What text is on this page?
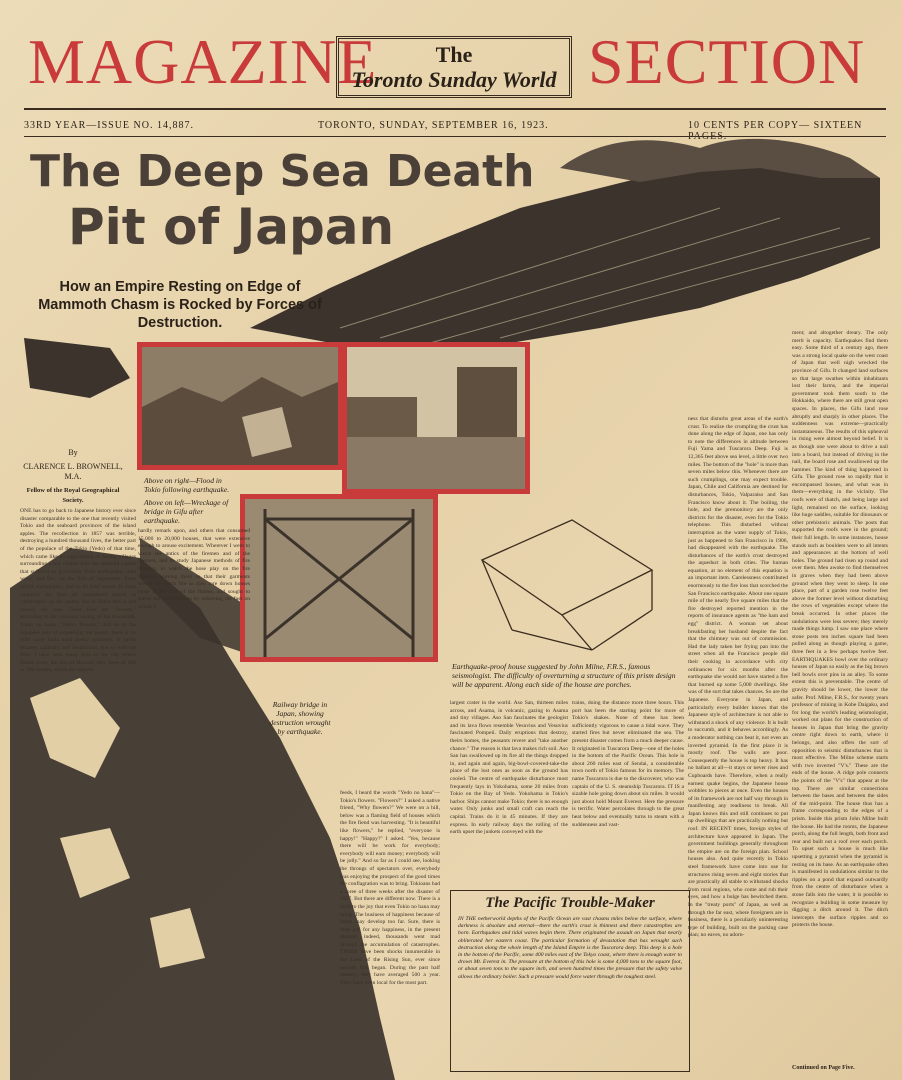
MAGAZINE	The
Toronto Sunday World SECTION
33RD YEAR—ISSUE NO. 14,887.	TORONTO, SUNDAY, SEPTEMBER 16, 1923.	10 CENTS PER COPY— SIXTEEN
The Deep Sea Death
Pit of Japan
How an Empire Resting on Edge of Mammoth Chasm is Rocked by Forces of Destruction.
By
CLARENCE L. BROWNELL, M.A.
Fellow of the Royal Geographical Society.
Above on right—Flood in Tokio following earthquake.
Above on left—Wreckage of bridge in Gifu after earthquake.
Earthquake-proof house suggested by John Milne, F.R.S., famous seismologist. The difficulty of overturning a structure of this prism design will be apparent. Along each side of the house are porches.
Railway bridge in Japan, showing destruction wrought by earthquake.
ONE has to go back to Japanese history ever since disaster comparable to the one that recently visited Tokio and the seaboard provinces of the island apples. The recollection in 1857 was terrible, destroying a hundred thousand lives, the better part of the populace of the Tokio (Yedo) of that time, which came like an aggravation of falling villages surrounding a few centres than the splendid capital that suffered so grievously from earthquake, tidal wave, and fire, on the first of September. Even before earthquakes, and so do tidal waves. In most countries the fires are considered almost as catastrophic as the quake, but in Tokio this is not usually the case. There fires are "flowers," according to the common saying of the townsfolk. Tokio no hana, "Yedo's flowers," and so in the Japanese way of expressing the poetic, there is no tidal wave lacks such poetic synonym. It spells disaster, calamity, and destruction. Not so with the fires. I have seen many fires in the city where Tenshi lives, the Son of Heaven; they were of 100 or 500 houses, which the natives
hardly remark upon, and others that consumed 15,000 to 20,000 houses, that were extensive enough to arouse excitement. Wherever I went to watch the antics of the firemen and of the firemen, and to study Japanese methods of fire fighting, to watch the hose play on the fire fighters, soaking them so that their garments would not catch fire as they tore down houses close in the line of the flames, and sought to starve the conflagration by removing the fuel on which it
feeds, I heard the words "Yedo no hana"—Tokio's flowers. "Flowers?" I asked a native friend, "Why flowers?" We were on a hill, below was a flaming field of houses which the fire fiend was harvesting. "It is beautiful like flowers," he replied, "everyone is happy!" "Happy?" I asked. "Yes, because there will be work for everybody; everybody will earn money; everybody will be jolly." And so far as I could see, looking the throngs of spectators over, everybody was enjoying the prospect of the good times the conflagration was to bring. Tokioans had a spree of three weeks after the disaster of 1857. But there are different now. There is a limit to the joy that even Tokio no hana may bring. The business of happiness because of burns may develop too far. Sure, there is little joy, for any happiness, in the present disaster, indeed, thousands went mad through the accumulation of catastrophes. THERE have been shocks innumerable in the Land of the Rising Sun, ever since records first began. During the past half century, they have averaged 500 a year. They have been local for the most part.
largest crater in the world. Aso San, thirteen miles across, and Asama, in volcanic, gazing to Asama and tiny villages. Aso San fascinates the geologist and its lava flows resemble Vesuvius and Vesuvius fascinated Pompeii. Daily eruptions that destroy, theirs homes, the peasants revere and "take another chance." The reason is that lava makes rich soil. Aso San has swallowed up its fire all the things dropped in, and again and again, big-bowl-covered-take-the place of the lost ones as soon as the ground has cooled. The centre of earthquake disturbance most frequently lays in Yokohama, some 20 miles from Tokio on the Bay of Yedo. Yokohama is Tokio's harbor. Ships cannot make Tokio; there is no enough water. Only junks and small craft can reach the capital. Trains do it in 45 minutes. If they are express. In early railway days the rolling of the earth upset the junkets conveyed with the
trains, doing the distance more three hours. This port has been the starting point for more of Tokio's shakes. None of these has been sufficiently vigorous to cause a tidal wave. They started fires but never eliminated the sea. The present disaster comes from a much deeper cause. It originated in Tuscarora Deep—one of the holes in the bottom of the Pacific Ocean. This hole is about 260 miles east of Sendai, a considerable town north of Tokio famous for its memory. The name Tuscarora is due to the discoverer, who was captain of the U. S. steamship Tuscarora. IT IS a sizable hole going down about six miles. It would just about hold Mount Everest. Here the pressure is terrific. Water percolates through to the great heat below and eventually turns to steam with a suddenness and vast-
ness that disturbs great areas of the earth's crust. To realize the crumpling the crust has done along the edge of Japan, one has only to note the differences in altitude between Fuji Yama and Tuscarora Deep. Fuji is 12,365 feet above sea level, a little over two miles. The bottom of the "hole" is more than seven miles below this. Whenever there are such crumplings, one may expect trouble. Japan, Chile and California are destined for disturbances, Tokio, Valparaiso and San Francisco know about it. The boiling, the hole, and the premonitory are the only districts for the disaster, even for the Tokio telephone. This disturbed without interruption as the water supply of Tokio, just as happened to San Francisco in 1906, had disappeared with the earthquake. The disturbances of the earth's crust destroyed the aqueduct in both cities. The human equation, at no element of this equation is an important item. Carelessness contributed enormously to the fire loss that scorched the San Francisco earthquake. About one square mile of the nearly five square miles that the fire destroyed reported mention in the reports of insurance agents as "the ham and egg" district. A woman set about breakfasting her husband despite the fact that the chimney was out of commission. Had the lady taken her frying pan into the street when all the Francisco people did their cooking in accordance with city ordinances for six months after the earthquake she would not have started a fire that burned up some 5,000 dwellings. She was of the sort that takes chances. So are the Japanese. Everyone in Japan, and particularly every builder knows that the Japanese style of architecture is not able to withstand a shock of any violence. It is built to succumb, and it behaves accordingly. As a moderator nothing can beat it, not even an inverted pyramid. In the first place it is mostly roof. The walls are poor. Consequently the house is top heavy. It has no ballast at all—it stays or never rises and Cupboards have. Therefore, when a really earnest quake begins, the Japanese house wobbles to pieces at once. Even the houses of its framework are not half way through in manifesting any readiness to break. All Japan knows this and still continues to put up dwellings that are practically nothing but roof. IN RECENT times, foreign styles of architecture have appeared in Japan. The government buildings generally throughout the empire are on the foreign plan. School houses also. And quite recently in Tokio steel framework have come into use for structures rising seven and eight stories that are practically all stable to withstand shocks from rural regions, who come and rub their eyes, and how a bulge has bewitched them. In the "treaty ports" of Japan, as well as through the far east, where foreigners are in business, there is a peculiarly uninteresting type of building, built on the packing case plan; no eaves, no adorn-
ment; and altogether dreary. The only merit is capacity. Earthquakes find them easy. Some third of a century ago, there was a strong local quake on the west coast of Japan that well nigh wrecked the province of Gifu. It changed land surfaces so that large swathes within inhabitants lost their farms, and the imperial government took them south to the Hokkaido, where there are still great open spaces. In places, the Gifu land rose abruptly and sharply in other places. The suddenness was extreme—practically instantaneous. The results of this upheaval in rising were almost beyond belief. It is as though one were about to drive a nail into a board, but instead of driving in the nail, the board rose and swallowed up the hammer. The kind of thing happened in Gifu. The ground rose so rapidly that it encompassed houses, and what was in them—everything in the vicinity. The roofs were of thatch, and being large and light, remained on the surface, looking like huge saddles, suitable for dinosaurs or other prehistoric animals. The posts that supported the roofs were in the ground; their full length. In some instances, house stands such as boulders were to all intents and appearances at the bottom of well holes. The ground had risen up round and over them. Men awoke to find themselves in graves when they had been above ground when they went to sleep. In one place, part of a garden rose twelve feet above the former level without disturbing the rows of vegetables except where the break occurred. In other places the undulations were less severe; they merely made things lump. I saw one place where stone posts ten inches square had been pulled along as though playing a game, three feet in a few perhaps twelve feet. EARTHQUAKES bowl over the ordinary houses of Japan so easily as the big brown bell bowls over pins in an alley. To some extent this is preventable. The centre of gravity should be lower, the lower the safer. Prof. Milne, F.R.S., for twenty years professor of mining in Kobe Daigaku, and for long the world's leading seismologist, worked out plans for the construction of houses in Japan that bring the gravity centre right down to earth, where it belongs, and also offers the sort of opposition to seismic disturbances that is most effective. The Milne scheme starts with two inverted "V's." These are the ends of the house. A ridge pole connects the points of the "V's" that appear at the top. There are similar connections between the bases and between the sides of the mid-point. The house thus has a frame corresponding to the edges of a prism. Inside this prism John Milne built the house. He had the rooms, the Japanese porch, along the full length, both front and rear and built out a roof over each porch. To upset such a house is much like upsetting a pyramid when the pyramid is resting on its base. As an earthquake often is manifested in undulations similar to the ripples on a pond that expand outwardly from the centre of disturbance when a stone falls into the water, it is possible to recognize a building in some measure by digging a ditch around it. The ditch intercepts the surface ripples and so protects the house.
Continued on Page Five.
The Pacific Trouble-Maker
IN THE netherworld depths of the Pacific Ocean are vast chasms miles below the surface, where darkness is absolute and eternal—there the earth's crust is thinnest and there catastrophes are born. Earthquakes and tidal waves begin there. There originated the assault on Japan that nearly obliterated her eastern coast. The particular formation of devastation that has wrought such destruction along the whole length of the Island Empire is the Tuscarora deep. This deep is a hole in the bottom of the Pacific, some 400 miles east of the Tokyo coast, where there is enough water to drown Mt. Everest in. The pressure at the bottom of this hole is some 4,000 tons to the square foot, or about seven tons to the square inch, and seven hundred times the pressure that the safety valve allows the ordinary boiler. Such a pressure would force water through the toughest steel.
